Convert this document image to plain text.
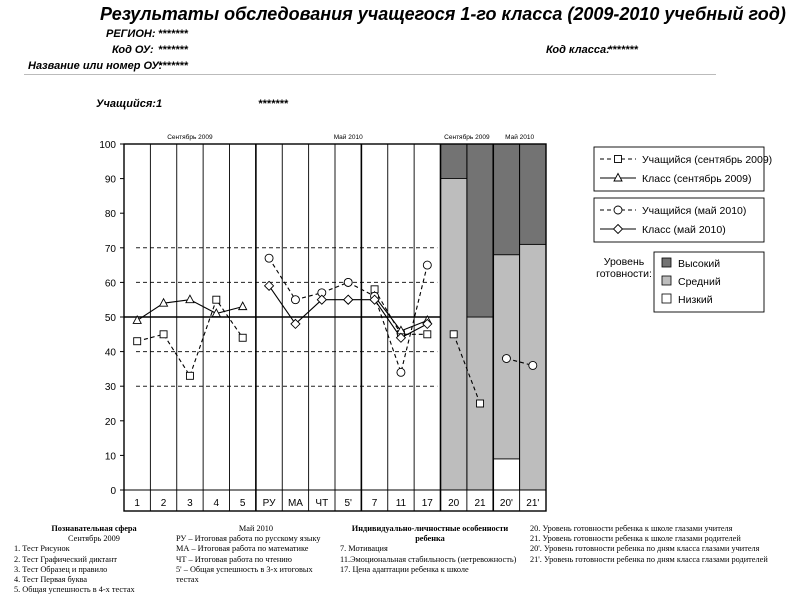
Результаты обследования учащегося 1-го класса (2009-2010 учебный год)
РЕГИОН: *******
Код ОУ: *******
Название или номер ОУ:
*******
Код класса:
*******
Учащийся: 1	*******
0
10
20
30
40
50
60
70
80
90
100
1 2 3 4 5 РУ МА ЧТ 5' 7 11 17 20 21 20' 21'
Сентябрь 2009	Май 2010	Сентябрь 2009 Май 2010
Учащийся (сентябрь 2009)
Класс (сентябрь 2009)
Учащийся (май 2010)
Класс (май 2010)
Уровень
готовности:
Высокий
Средний
Низкий
Познавательная сфера
Сентябрь 2009
1. Тест Рисунок
2. Тест Графический диктант
3. Тест Образец и правило
4. Тест Первая буква
5. Общая успешность в 4-х тестах
Май 2010
РУ – Итоговая работа по русскому языку
МА – Итоговая работа по математике
ЧТ – Итоговая работа по чтению
5' – Общая успешность в 3-х итоговых
тестах
Индивидуально-личностные особенности
ребенка
7. Мотивация
11.Эмоциональная стабильность (нетревожность)
17. Цена адаптации ребенка к школе
20. Уровень готовности ребенка к школе глазами учителя
21. Уровень готовности ребенка к школе глазами родителей
20'. Уровень готовности ребенка по дням класса глазами учителя
21'. Уровень готовности ребенка по дням класса глазами родителей
